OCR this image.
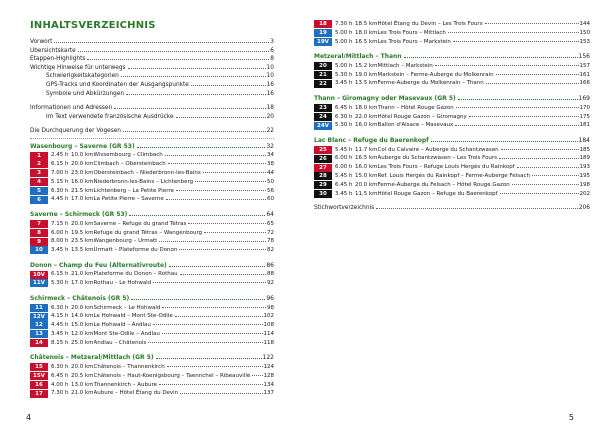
INHALTSVERZEICHNIS
Vorwort	3
Übersichtskarte	6
Etappen-Highlights	8
Wichtige Hinweise für unterwegs	10
Schwierigkeitskategorien	10
GPS-Tracks und Koordinaten der Ausgangspunkte	16
Symbole und Abkürzungen	16
Informationen und Adressen	18
Im Text verwendete französische Ausdrücke	20
Die Durchquerung der Vogesen	22
Wasenbourg – Saverne (GR 53)	32
1	2.45 h 10.0 km Wissembourg – Climbach	34
2	6.15 h 20.0 km Climbach – Obersteinbach	38
3	7.00 h 23.0 km Obersteinbach – Niederbronn-les-Bains	44
4	5.15 h 16.0 km Niederbronn-les-Bains – Lichtenberg	50
5	6.30 h 21.5 km Lichtenberg – La Petite Pierre	56
6	4.45 h 17.0 km La Petite Pierre – Saverne	60
Saverne – Schirmeck (GR 53)	64
7	7.15 h 20.0 km Saverne – Refuge du grand Tétras	65
8	6.00 h 19.5 km Refuge du grand Tétras – Wangenbourg	72
9	8.00 h 23.5 km Wangenbourg – Urmatt	78
10	3.45 h 13.5 km Urmatt – Plateforme du Donon	82
Donon – Champ du Feu (Alternativroute)	86
10V	6.15 h 21.0 km Plateforme du Donon – Rothau	88
11V	5.30 h 17.0 km Rothau – Le Hohwald	92
Schirmeck – Châtenois (GR 5)	96
11	6.30 h 20.0 km Schirmeck – Le Hohwald	98
12V	4.15 h 14.0 km Le Hohwald – Mont Ste-Odile	102
12	4.45 h 15.0 km Le Hohwald – Andlau	108
13	3.45 h 12.0 km Mont Ste-Odile – Andlau	114
14	8.15 h 25.0 km Andlau – Châtenois	118
Châtenois – Metzeral/Mittlach (GR 5)	122
15	6.30 h 20.0 km Châtenois – Thannenkirch	124
15V	6.45 h 20.5 km Châtenois – Haut-Koenigsbourg – Taennchel – Ribeauvillé 128
16	4.00 h 13.0 km Thannenkirch – Aubure	134
17	7.30 h 21.0 km Aubure – Hôtel Étang du Devin	137
4
18	7.30 h 18.5 km Hôtel Étang du Devin – Les Trois Fours	144
19	5.00 h 18.0 km Les Trois Fours – Mittlach	150
19V	5.00 h 16.5 km Les Trois Fours – Markstein	153
Metzeral/Mittlach – Thann	156
20	5.00 h 15.2 km Mittlach – Markstein	157
21	5.30 h 19.0 km Markstein – Ferme-Auberge du Molkenrain	161
22	3.45 h 13.5 km Ferme-Auberge du Molkenrain – Thann	166
Thann – Giromagny oder Masevaux (GR 5)	169
23	6.45 h 18.0 km Thann – Hôtel Rouge Gazon	170
24	6.30 h 22.0 km Hôtel Rouge Gazon – Giromagny	175
24V	5.30 h 16.0 km Ballon d'Alsace – Masevaux	181
Lac Blanc – Refuge du Baerenkopf	184
25	5.45 h 11.7 km Col du Calvaire – Auberge du Schantzwasen	185
26	6.00 h 16.5 km Auberge du Schantzwasen – Les Trois Fours	189
27	6.00 h 16.0 km Les Trois Fours – Refuge Louis Hergès du Rainkopf	193
28	5.45 h 15.0 km Ref. Louis Hergès du Rainkopf – Ferme-Auberge Felsach	195
29	6.45 h 20.0 km Ferme-Auberge du Felsach – Hôtel Rouge Gazon	198
30	3.45 h 11.5 km Hôtel Rouge Gazon – Refuge du Baerenkopf	202
Stichwortverzeichnis	206
5
